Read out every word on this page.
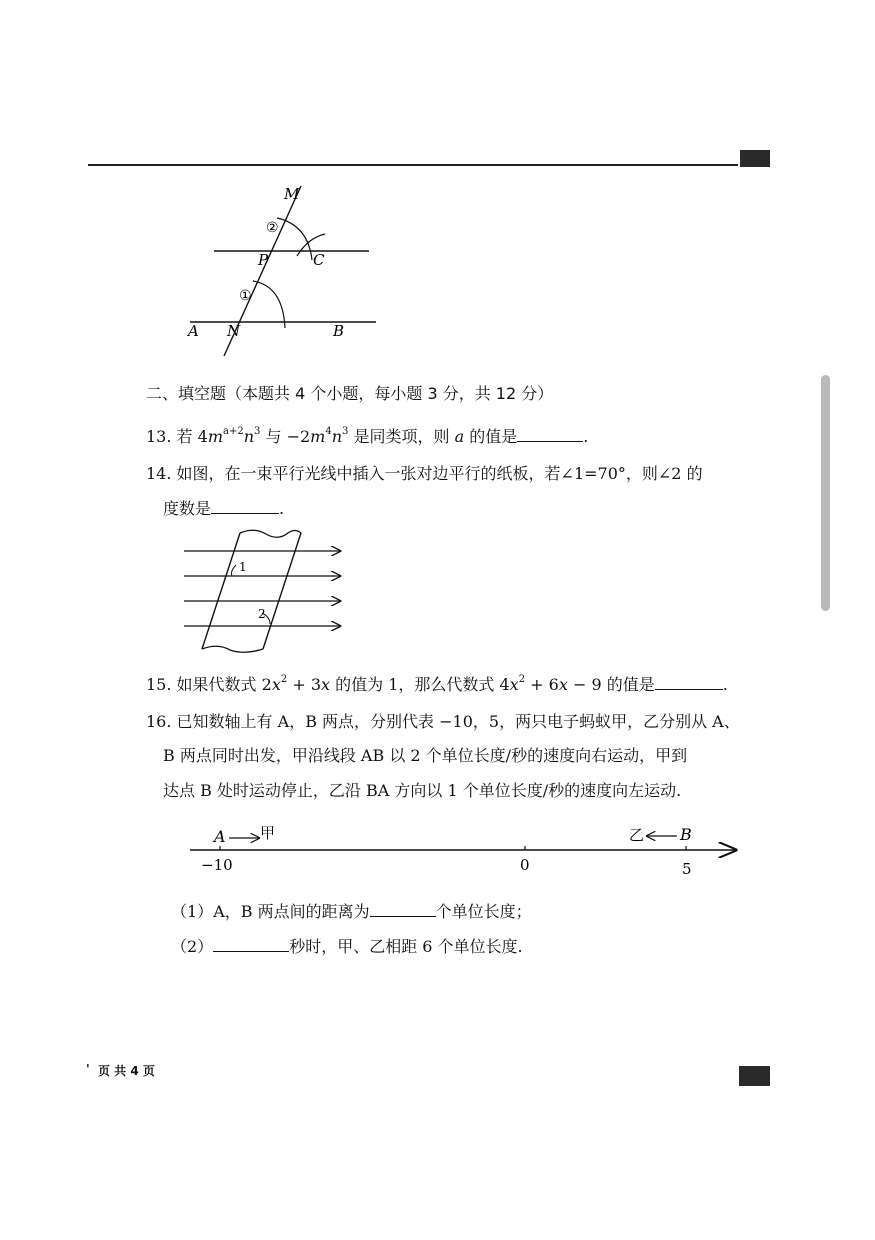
M
②
P	C
①
A N	B
二、填空题（本题共 4 个小题，每小题 3 分，共 12 分）
13. 若 $4m^{a+2}n^3$ 与 $-2m^4n^3$ 是同类项，则 a 的值是	.
14. 如图，在一束平行光线中插入一张对边平行的纸板，若∠1=70°，则∠2 的
度数是	.
1
2
15. 如果代数式 $2x^2 + 3x$ 的值为 1，那么代数式 $4x^2 + 6x - 9$ 的值是	.
16. 已知数轴上有 A，B 两点，分别代表 −10，5，两只电子蚂蚁甲，乙分别从 A、
B 两点同时出发，甲沿线段 AB 以 2 个单位长度/秒的速度向右运动，甲到
达点 B 处时运动停止，乙沿 BA 方向以 1 个单位长度/秒的速度向左运动.
A 甲	乙 B
−10	0	5
（1）A，B 两点间的距离为	个单位长度；
（2）	秒时，甲、乙相距 6 个单位长度.
' 页 共 4 页
